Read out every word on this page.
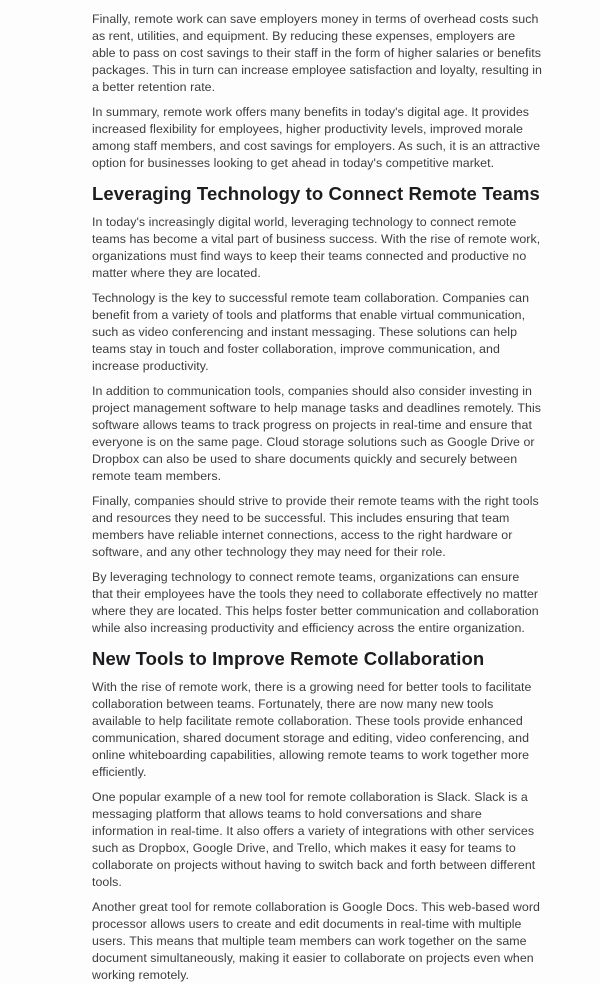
Finally, remote work can save employers money in terms of overhead costs such as rent, utilities, and equipment. By reducing these expenses, employers are able to pass on cost savings to their staff in the form of higher salaries or benefits packages. This in turn can increase employee satisfaction and loyalty, resulting in a better retention rate.

In summary, remote work offers many benefits in today's digital age. It provides increased flexibility for employees, higher productivity levels, improved morale among staff members, and cost savings for employers. As such, it is an attractive option for businesses looking to get ahead in today's competitive market.

Leveraging Technology to Connect Remote Teams

In today's increasingly digital world, leveraging technology to connect remote teams has become a vital part of business success. With the rise of remote work, organizations must find ways to keep their teams connected and productive no matter where they are located.

Technology is the key to successful remote team collaboration. Companies can benefit from a variety of tools and platforms that enable virtual communication, such as video conferencing and instant messaging. These solutions can help teams stay in touch and foster collaboration, improve communication, and increase productivity.

In addition to communication tools, companies should also consider investing in project management software to help manage tasks and deadlines remotely. This software allows teams to track progress on projects in real-time and ensure that everyone is on the same page. Cloud storage solutions such as Google Drive or Dropbox can also be used to share documents quickly and securely between remote team members.

Finally, companies should strive to provide their remote teams with the right tools and resources they need to be successful. This includes ensuring that team members have reliable internet connections, access to the right hardware or software, and any other technology they may need for their role.

By leveraging technology to connect remote teams, organizations can ensure that their employees have the tools they need to collaborate effectively no matter where they are located. This helps foster better communication and collaboration while also increasing productivity and efficiency across the entire organization.

New Tools to Improve Remote Collaboration

With the rise of remote work, there is a growing need for better tools to facilitate collaboration between teams. Fortunately, there are now many new tools available to help facilitate remote collaboration. These tools provide enhanced communication, shared document storage and editing, video conferencing, and online whiteboarding capabilities, allowing remote teams to work together more efficiently.

One popular example of a new tool for remote collaboration is Slack. Slack is a messaging platform that allows teams to hold conversations and share information in real-time. It also offers a variety of integrations with other services such as Dropbox, Google Drive, and Trello, which makes it easy for teams to collaborate on projects without having to switch back and forth between different tools.

Another great tool for remote collaboration is Google Docs. This web-based word processor allows users to create and edit documents in real-time with multiple users. This means that multiple team members can work together on the same document simultaneously, making it easier to collaborate on projects even when working remotely.
